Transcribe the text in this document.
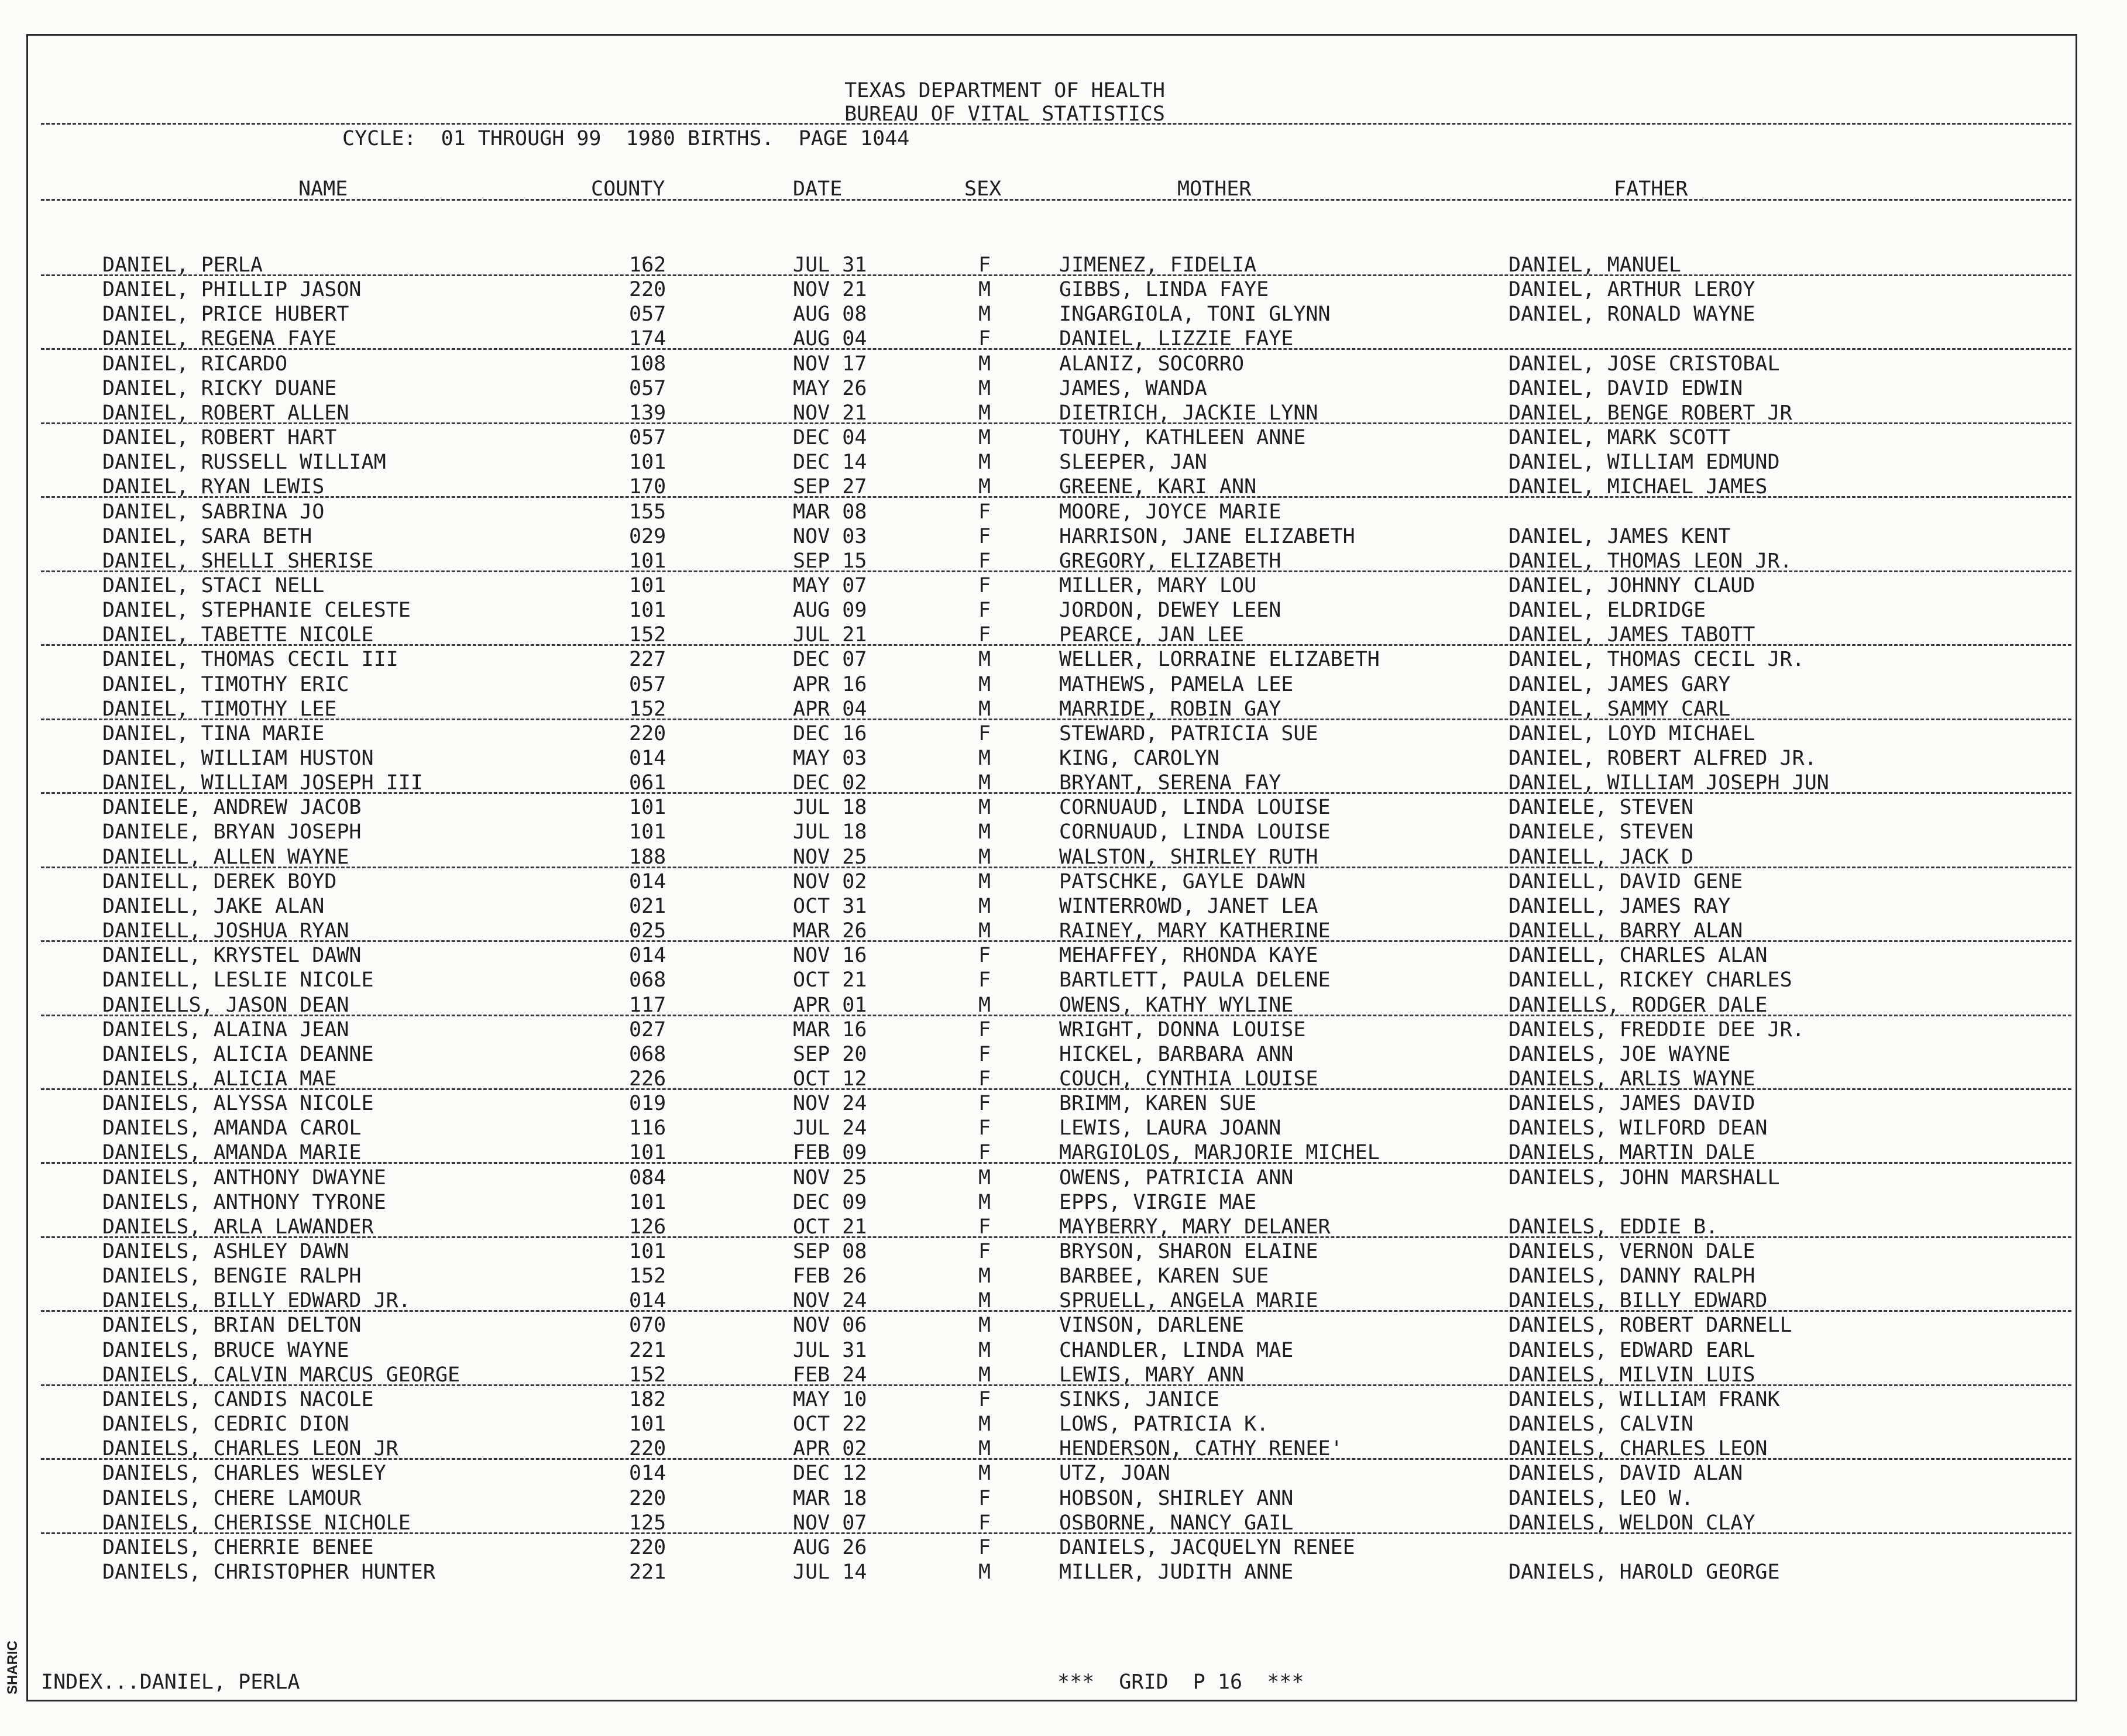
SHARIC
TEXAS DEPARTMENT OF HEALTH
BUREAU OF VITAL STATISTICS
CYCLE:  01 THROUGH 99  1980 BIRTHS.  PAGE 1044
NAME	COUNTY	DATE	SEX	MOTHER	FATHER
DANIEL, PERLA	162	JUL 31	F	JIMENEZ, FIDELIA	DANIEL, MANUEL
DANIEL, PHILLIP JASON	220	NOV 21	M	GIBBS, LINDA FAYE	DANIEL, ARTHUR LEROY
DANIEL, PRICE HUBERT	057	AUG 08	M	INGARGIOLA, TONI GLYNN	DANIEL, RONALD WAYNE
DANIEL, REGENA FAYE	174	AUG 04	F	DANIEL, LIZZIE FAYE
DANIEL, RICARDO	108	NOV 17	M	ALANIZ, SOCORRO	DANIEL, JOSE CRISTOBAL
DANIEL, RICKY DUANE	057	MAY 26	M	JAMES, WANDA	DANIEL, DAVID EDWIN
DANIEL, ROBERT ALLEN	139	NOV 21	M	DIETRICH, JACKIE LYNN	DANIEL, BENGE ROBERT JR
DANIEL, ROBERT HART	057	DEC 04	M	TOUHY, KATHLEEN ANNE	DANIEL, MARK SCOTT
DANIEL, RUSSELL WILLIAM	101	DEC 14	M	SLEEPER, JAN	DANIEL, WILLIAM EDMUND
DANIEL, RYAN LEWIS	170	SEP 27	M	GREENE, KARI ANN	DANIEL, MICHAEL JAMES
DANIEL, SABRINA JO	155	MAR 08	F	MOORE, JOYCE MARIE
DANIEL, SARA BETH	029	NOV 03	F	HARRISON, JANE ELIZABETH	DANIEL, JAMES KENT
DANIEL, SHELLI SHERISE	101	SEP 15	F	GREGORY, ELIZABETH	DANIEL, THOMAS LEON JR.
DANIEL, STACI NELL	101	MAY 07	F	MILLER, MARY LOU	DANIEL, JOHNNY CLAUD
DANIEL, STEPHANIE CELESTE	101	AUG 09	F	JORDON, DEWEY LEEN	DANIEL, ELDRIDGE
DANIEL, TABETTE NICOLE	152	JUL 21	F	PEARCE, JAN LEE	DANIEL, JAMES TABOTT
DANIEL, THOMAS CECIL III	227	DEC 07	M	WELLER, LORRAINE ELIZABETH	DANIEL, THOMAS CECIL JR.
DANIEL, TIMOTHY ERIC	057	APR 16	M	MATHEWS, PAMELA LEE	DANIEL, JAMES GARY
DANIEL, TIMOTHY LEE	152	APR 04	M	MARRIDE, ROBIN GAY	DANIEL, SAMMY CARL
DANIEL, TINA MARIE	220	DEC 16	F	STEWARD, PATRICIA SUE	DANIEL, LOYD MICHAEL
DANIEL, WILLIAM HUSTON	014	MAY 03	M	KING, CAROLYN	DANIEL, ROBERT ALFRED JR.
DANIEL, WILLIAM JOSEPH III	061	DEC 02	M	BRYANT, SERENA FAY	DANIEL, WILLIAM JOSEPH JUN
DANIELE, ANDREW JACOB	101	JUL 18	M	CORNUAUD, LINDA LOUISE	DANIELE, STEVEN
DANIELE, BRYAN JOSEPH	101	JUL 18	M	CORNUAUD, LINDA LOUISE	DANIELE, STEVEN
DANIELL, ALLEN WAYNE	188	NOV 25	M	WALSTON, SHIRLEY RUTH	DANIELL, JACK D
DANIELL, DEREK BOYD	014	NOV 02	M	PATSCHKE, GAYLE DAWN	DANIELL, DAVID GENE
DANIELL, JAKE ALAN	021	OCT 31	M	WINTERROWD, JANET LEA	DANIELL, JAMES RAY
DANIELL, JOSHUA RYAN	025	MAR 26	M	RAINEY, MARY KATHERINE	DANIELL, BARRY ALAN
DANIELL, KRYSTEL DAWN	014	NOV 16	F	MEHAFFEY, RHONDA KAYE	DANIELL, CHARLES ALAN
DANIELL, LESLIE NICOLE	068	OCT 21	F	BARTLETT, PAULA DELENE	DANIELL, RICKEY CHARLES
DANIELLS, JASON DEAN	117	APR 01	M	OWENS, KATHY WYLINE	DANIELLS, RODGER DALE
DANIELS, ALAINA JEAN	027	MAR 16	F	WRIGHT, DONNA LOUISE	DANIELS, FREDDIE DEE JR.
DANIELS, ALICIA DEANNE	068	SEP 20	F	HICKEL, BARBARA ANN	DANIELS, JOE WAYNE
DANIELS, ALICIA MAE	226	OCT 12	F	COUCH, CYNTHIA LOUISE	DANIELS, ARLIS WAYNE
DANIELS, ALYSSA NICOLE	019	NOV 24	F	BRIMM, KAREN SUE	DANIELS, JAMES DAVID
DANIELS, AMANDA CAROL	116	JUL 24	F	LEWIS, LAURA JOANN	DANIELS, WILFORD DEAN
DANIELS, AMANDA MARIE	101	FEB 09	F	MARGIOLOS, MARJORIE MICHEL	DANIELS, MARTIN DALE
DANIELS, ANTHONY DWAYNE	084	NOV 25	M	OWENS, PATRICIA ANN	DANIELS, JOHN MARSHALL
DANIELS, ANTHONY TYRONE	101	DEC 09	M	EPPS, VIRGIE MAE
DANIELS, ARLA LAWANDER	126	OCT 21	F	MAYBERRY, MARY DELANER	DANIELS, EDDIE B.
DANIELS, ASHLEY DAWN	101	SEP 08	F	BRYSON, SHARON ELAINE	DANIELS, VERNON DALE
DANIELS, BENGIE RALPH	152	FEB 26	M	BARBEE, KAREN SUE	DANIELS, DANNY RALPH
DANIELS, BILLY EDWARD JR.	014	NOV 24	M	SPRUELL, ANGELA MARIE	DANIELS, BILLY EDWARD
DANIELS, BRIAN DELTON	070	NOV 06	M	VINSON, DARLENE	DANIELS, ROBERT DARNELL
DANIELS, BRUCE WAYNE	221	JUL 31	M	CHANDLER, LINDA MAE	DANIELS, EDWARD EARL
DANIELS, CALVIN MARCUS GEORGE	152	FEB 24	M	LEWIS, MARY ANN	DANIELS, MILVIN LUIS
DANIELS, CANDIS NACOLE	182	MAY 10	F	SINKS, JANICE	DANIELS, WILLIAM FRANK
DANIELS, CEDRIC DION	101	OCT 22	M	LOWS, PATRICIA K.	DANIELS, CALVIN
DANIELS, CHARLES LEON JR	220	APR 02	M	HENDERSON, CATHY RENEE'	DANIELS, CHARLES LEON
DANIELS, CHARLES WESLEY	014	DEC 12	M	UTZ, JOAN	DANIELS, DAVID ALAN
DANIELS, CHERE LAMOUR	220	MAR 18	F	HOBSON, SHIRLEY ANN	DANIELS, LEO W.
DANIELS, CHERISSE NICHOLE	125	NOV 07	F	OSBORNE, NANCY GAIL	DANIELS, WELDON CLAY
DANIELS, CHERRIE BENEE	220	AUG 26	F	DANIELS, JACQUELYN RENEE
DANIELS, CHRISTOPHER HUNTER	221	JUL 14	M	MILLER, JUDITH ANNE	DANIELS, HAROLD GEORGE
INDEX...DANIEL, PERLA	***  GRID  P 16  ***
